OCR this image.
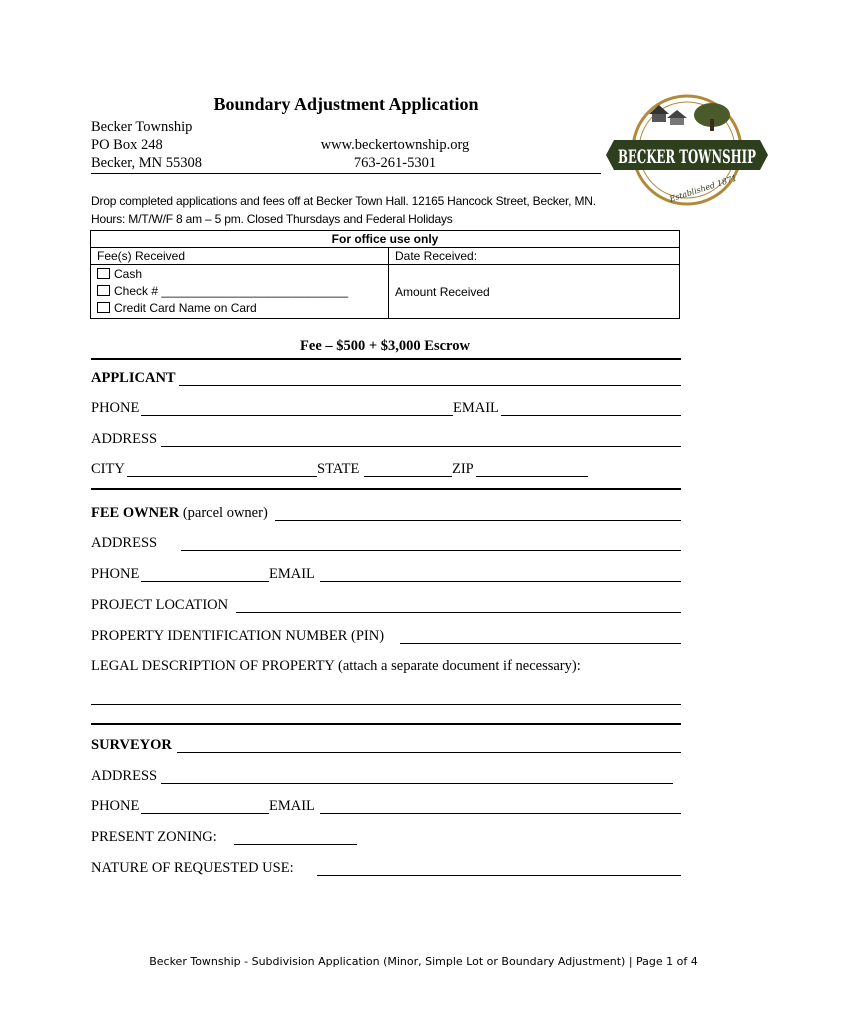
Boundary Adjustment Application
Becker Township
PO Box 248
Becker, MN 55308
www.beckertownship.org
763-261-5301	BECKER TOWNSHIP
Established 1871
Drop completed applications and fees off at Becker Town Hall. 12165 Hancock Street, Becker, MN.
Hours: M/T/W/F 8 am – 5 pm. Closed Thursdays and Federal Holidays
For office use only	
Fee(s) Received	Date Received:

Cash
Check # ____________________________
Credit Card Name on Card	Amount Received
Fee – $500 + $3,000 Escrow
APPLICANT
PHONE	EMAIL
ADDRESS
CITY	STATE	ZIP
FEE OWNER (parcel owner)
ADDRESS
PHONE	EMAIL
PROJECT LOCATION
PROPERTY IDENTIFICATION NUMBER (PIN)
LEGAL DESCRIPTION OF PROPERTY (attach a separate document if necessary):
SURVEYOR
ADDRESS
PHONE	EMAIL
PRESENT ZONING:
NATURE OF REQUESTED USE:
Becker Township - Subdivision Application (Minor, Simple Lot or Boundary Adjustment) | Page 1 of 4
